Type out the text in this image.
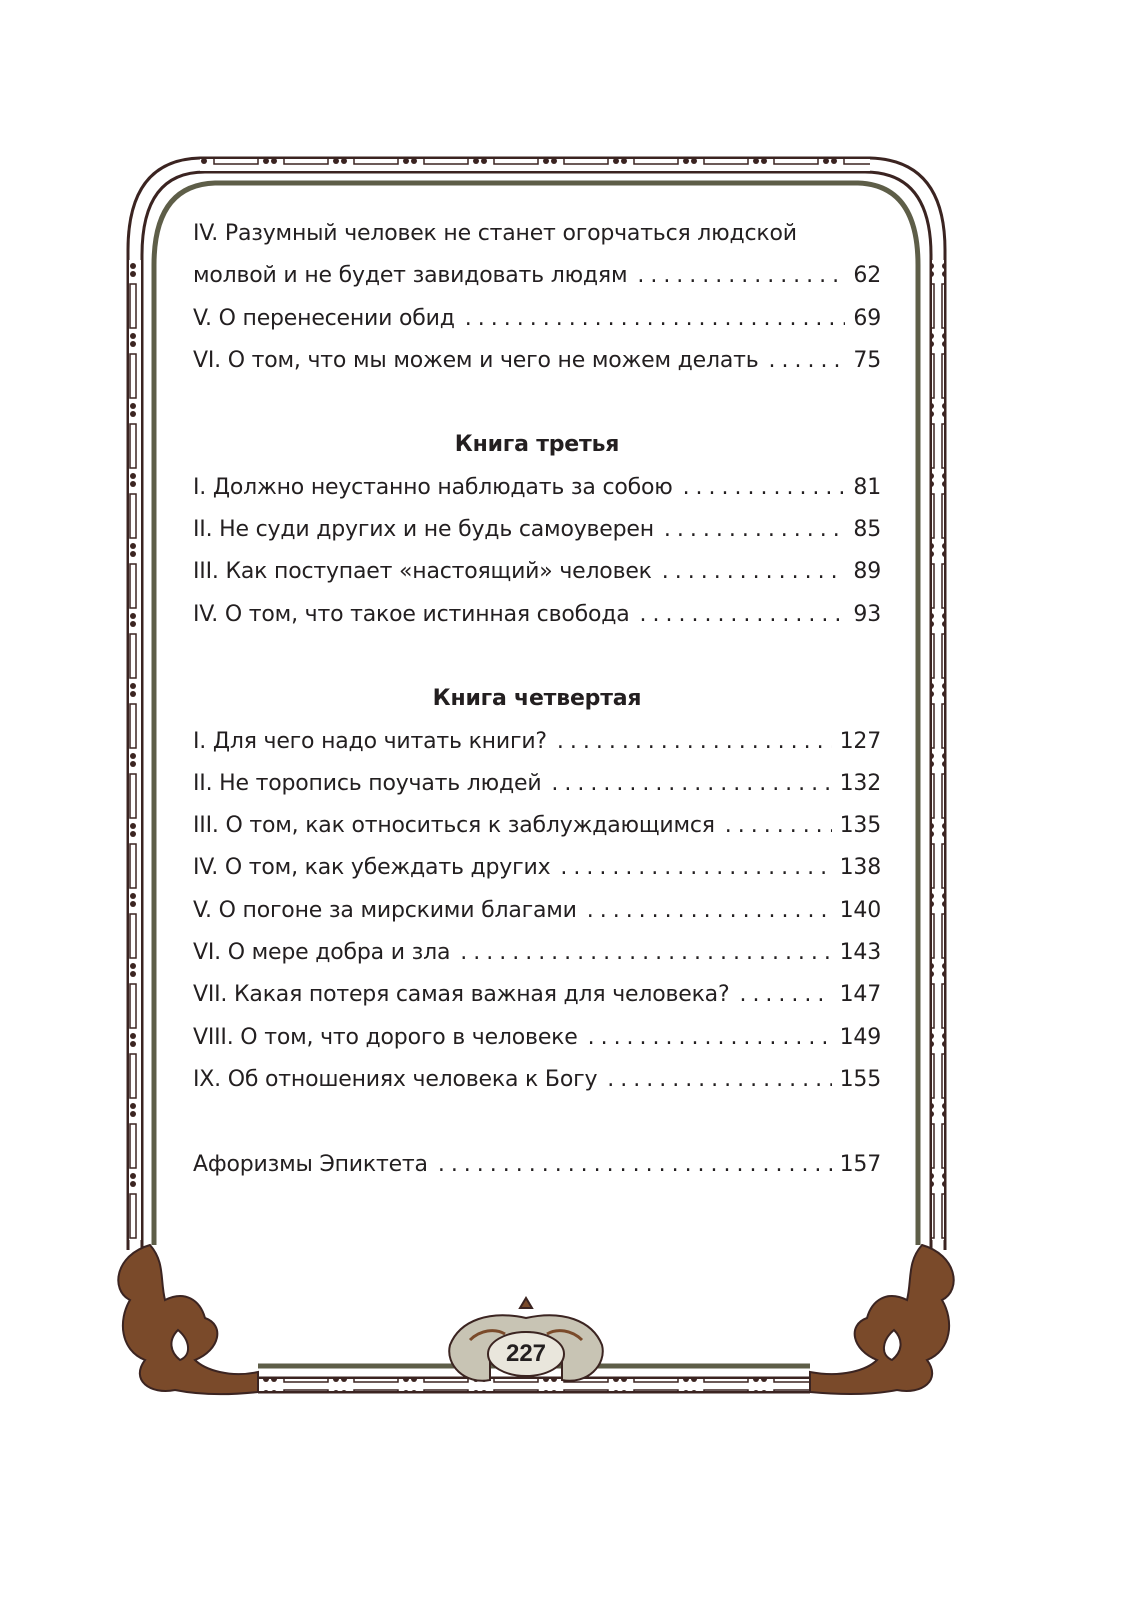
IV. Разумный человек не станет огорчаться людской
молвой и не будет завидовать людям . . .	62
V. О перенесении обид . . .	69
VI. О том, что мы можем и чего не можем делать . . .	75
Книга третья
I. Должно неустанно наблюдать за собою . . .	81
II. Не суди других и не будь самоуверен . . .	85
III. Как поступает «настоящий» человек . . .	89
IV. О том, что такое истинная свобода . . .	93
Книга четвертая
I. Для чего надо читать книги? . . .	127
II. Не торопись поучать людей . . .	132
III. О том, как относиться к заблуждающимся . . .	135
IV. О том, как убеждать других . . .	138
V. О погоне за мирскими благами . . .	140
VI. О мере добра и зла . . .	143
VII. Какая потеря самая важная для человека? . . .	147
VIII. О том, что дорого в человеке . . .	149
IX. Об отношениях человека к Богу . . .	155
Афоризмы Эпиктета . . .	157
227
